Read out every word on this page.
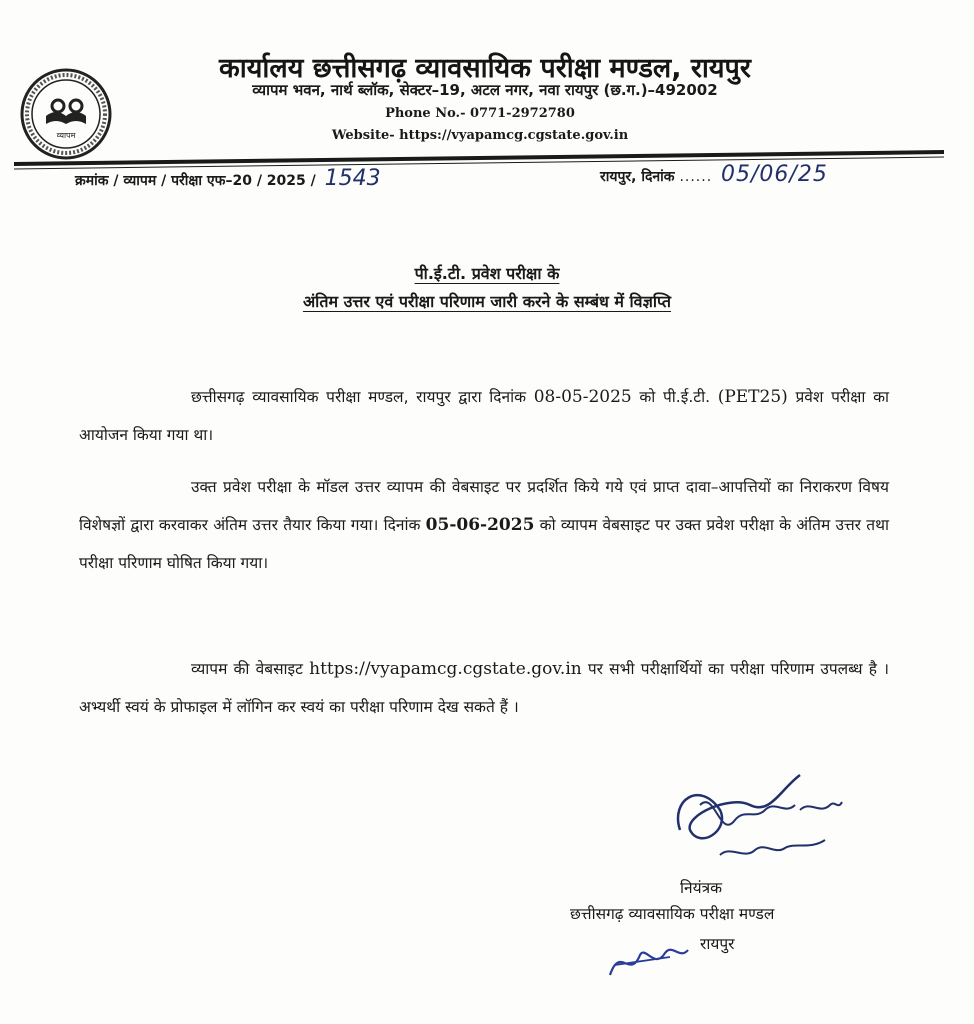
व्यापम
कार्यालय छत्तीसगढ़ व्यावसायिक परीक्षा मण्डल, रायपुर
व्यापम भवन, नार्थ ब्लॉक, सेक्टर–19, अटल नगर, नवा रायपुर (छ.ग.)–492002
Phone No.- 0771-2972780
Website- https://vyapamcg.cgstate.gov.in
क्रमांक / व्यापम / परीक्षा एफ–20 / 2025 / 1543	रायपुर, दिनांक ...... 05/06/25
पी.ई.टी. प्रवेश परीक्षा के
अंतिम उत्तर एवं परीक्षा परिणाम जारी करने के सम्बंध में विज्ञप्ति
छत्तीसगढ़ व्यावसायिक परीक्षा मण्डल, रायपुर द्वारा दिनांक 08-05-2025 को पी.ई.टी. (PET25) प्रवेश परीक्षा का आयोजन किया गया था।
उक्त प्रवेश परीक्षा के मॉडल उत्तर व्यापम की वेबसाइट पर प्रदर्शित किये गये एवं प्राप्त दावा–आपत्तियों का निराकरण विषय विशेषज्ञों द्वारा करवाकर अंतिम उत्तर तैयार किया गया। दिनांक 05-06-2025 को व्यापम वेबसाइट पर उक्त प्रवेश परीक्षा के अंतिम उत्तर तथा परीक्षा परिणाम घोषित किया गया।
व्यापम की वेबसाइट https://vyapamcg.cgstate.gov.in पर सभी परीक्षार्थियों का परीक्षा परिणाम उपलब्ध है । अभ्यर्थी स्वयं के प्रोफाइल में लॉगिन कर स्वयं का परीक्षा परिणाम देख सकते हैं ।
नियंत्रक
छत्तीसगढ़ व्यावसायिक परीक्षा मण्डल
रायपुर
